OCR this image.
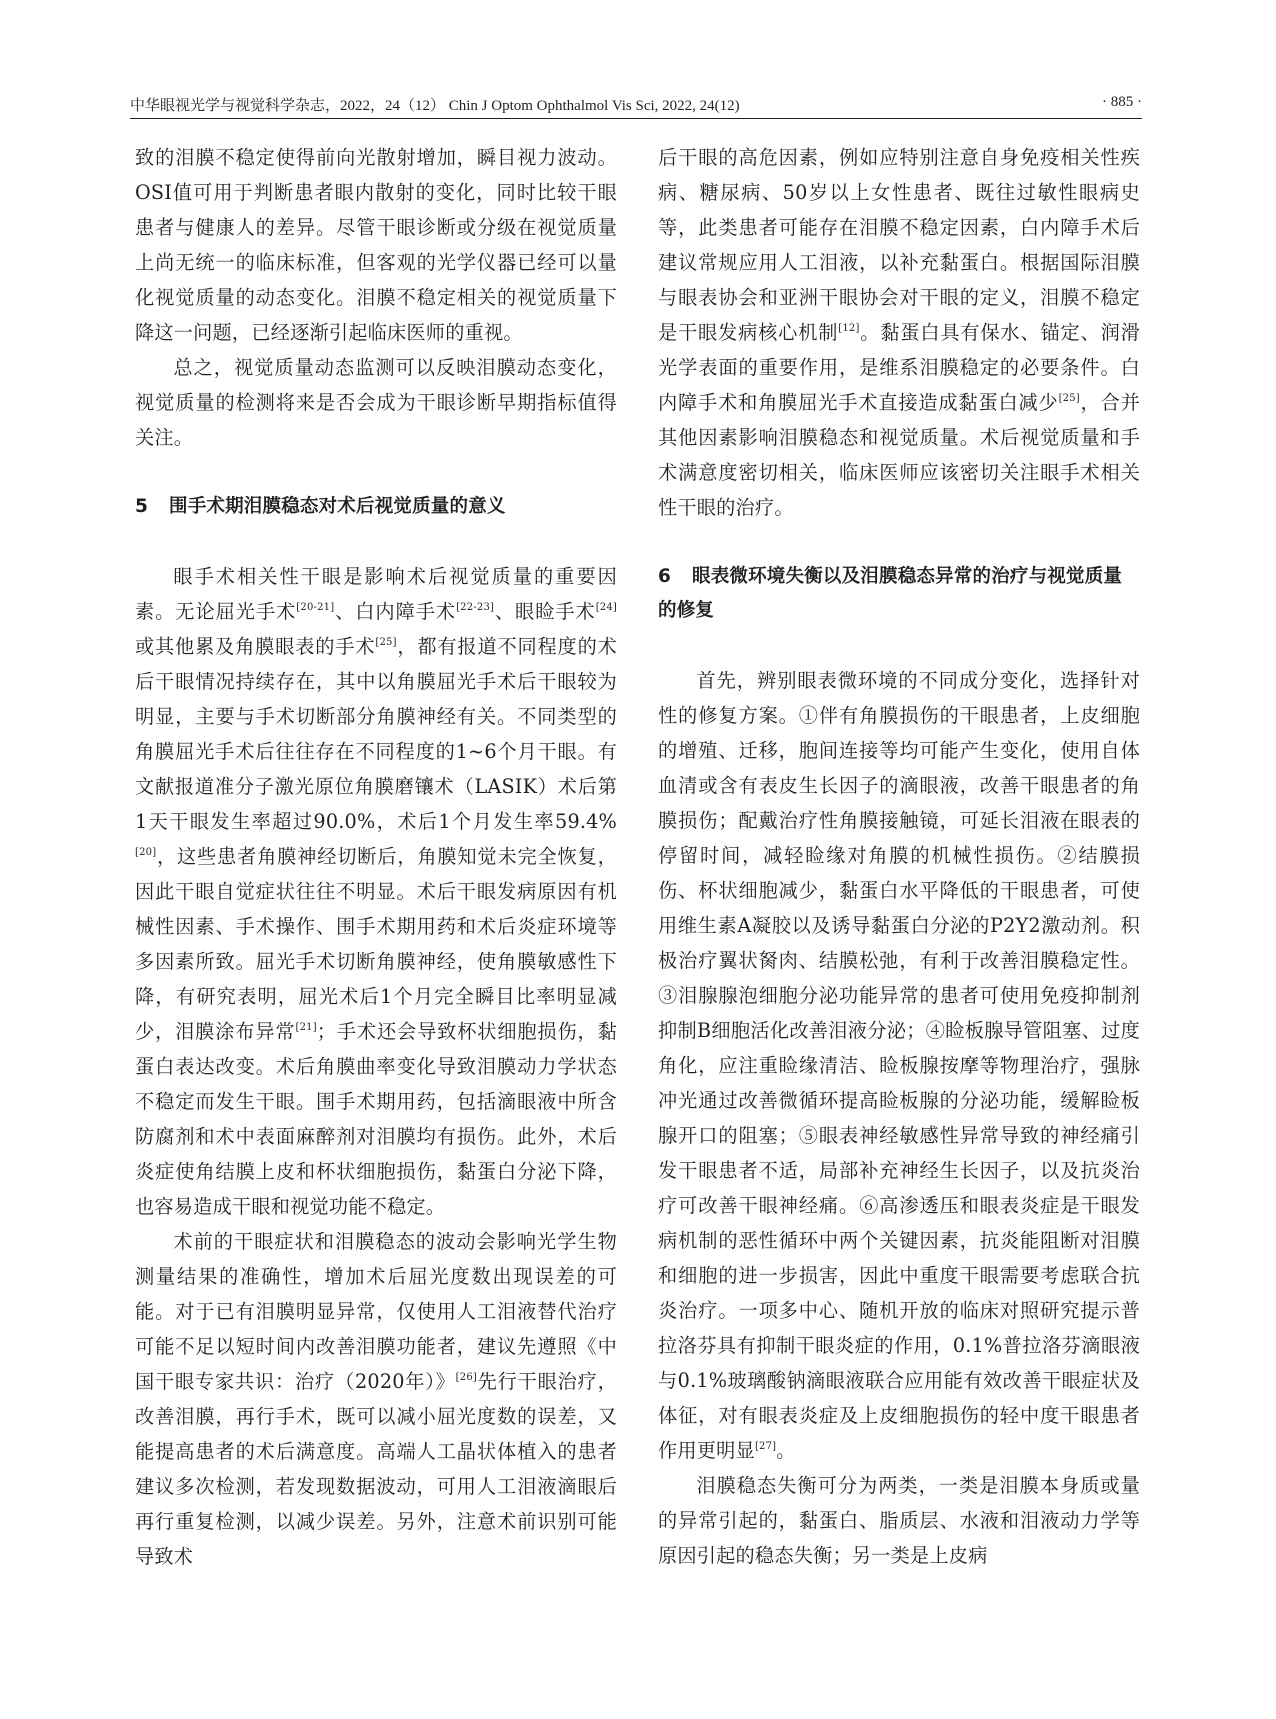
中华眼视光学与视觉科学杂志，2022，24（12） Chin J Optom Ophthalmol Vis Sci, 2022, 24(12)	· 885 ·

致的泪膜不稳定使得前向光散射增加，瞬目视力波动。OSI值可用于判断患者眼内散射的变化，同时比较干眼患者与健康人的差异。尽管干眼诊断或分级在视觉质量上尚无统一的临床标准，但客观的光学仪器已经可以量化视觉质量的动态变化。泪膜不稳定相关的视觉质量下降这一问题，已经逐渐引起临床医师的重视。

总之，视觉质量动态监测可以反映泪膜动态变化，视觉质量的检测将来是否会成为干眼诊断早期指标值得关注。

5 围手术期泪膜稳态对术后视觉质量的意义

眼手术相关性干眼是影响术后视觉质量的重要因素。无论屈光手术[20-21]、白内障手术[22-23]、眼睑手术[24]或其他累及角膜眼表的手术[25]，都有报道不同程度的术后干眼情况持续存在，其中以角膜屈光手术后干眼较为明显，主要与手术切断部分角膜神经有关。不同类型的角膜屈光手术后往往存在不同程度的1~6个月干眼。有文献报道准分子激光原位角膜磨镶术（LASIK）术后第1天干眼发生率超过90.0%，术后1个月发生率59.4%[20]，这些患者角膜神经切断后，角膜知觉未完全恢复，因此干眼自觉症状往往不明显。术后干眼发病原因有机械性因素、手术操作、围手术期用药和术后炎症环境等多因素所致。屈光手术切断角膜神经，使角膜敏感性下降，有研究表明，屈光术后1个月完全瞬目比率明显减少，泪膜涂布异常[21]；手术还会导致杯状细胞损伤，黏蛋白表达改变。术后角膜曲率变化导致泪膜动力学状态不稳定而发生干眼。围手术期用药，包括滴眼液中所含防腐剂和术中表面麻醉剂对泪膜均有损伤。此外，术后炎症使角结膜上皮和杯状细胞损伤，黏蛋白分泌下降，也容易造成干眼和视觉功能不稳定。

术前的干眼症状和泪膜稳态的波动会影响光学生物测量结果的准确性，增加术后屈光度数出现误差的可能。对于已有泪膜明显异常，仅使用人工泪液替代治疗可能不足以短时间内改善泪膜功能者，建议先遵照《中国干眼专家共识：治疗（2020年）》[26]先行干眼治疗，改善泪膜，再行手术，既可以减小屈光度数的误差，又能提高患者的术后满意度。高端人工晶状体植入的患者建议多次检测，若发现数据波动，可用人工泪液滴眼后再行重复检测，以减少误差。另外，注意术前识别可能导致术

后干眼的高危因素，例如应特别注意自身免疫相关性疾病、糖尿病、50岁以上女性患者、既往过敏性眼病史等，此类患者可能存在泪膜不稳定因素，白内障手术后建议常规应用人工泪液，以补充黏蛋白。根据国际泪膜与眼表协会和亚洲干眼协会对干眼的定义，泪膜不稳定是干眼发病核心机制[12]。黏蛋白具有保水、锚定、润滑光学表面的重要作用，是维系泪膜稳定的必要条件。白内障手术和角膜屈光手术直接造成黏蛋白减少[25]，合并其他因素影响泪膜稳态和视觉质量。术后视觉质量和手术满意度密切相关，临床医师应该密切关注眼手术相关性干眼的治疗。

6 眼表微环境失衡以及泪膜稳态异常的治疗与视觉质量的修复

首先，辨别眼表微环境的不同成分变化，选择针对性的修复方案。①伴有角膜损伤的干眼患者，上皮细胞的增殖、迁移，胞间连接等均可能产生变化，使用自体血清或含有表皮生长因子的滴眼液，改善干眼患者的角膜损伤；配戴治疗性角膜接触镜，可延长泪液在眼表的停留时间，减轻睑缘对角膜的机械性损伤。②结膜损伤、杯状细胞减少，黏蛋白水平降低的干眼患者，可使用维生素A凝胶以及诱导黏蛋白分泌的P2Y2激动剂。积极治疗翼状胬肉、结膜松弛，有利于改善泪膜稳定性。③泪腺腺泡细胞分泌功能异常的患者可使用免疫抑制剂抑制B细胞活化改善泪液分泌；④睑板腺导管阻塞、过度角化，应注重睑缘清洁、睑板腺按摩等物理治疗，强脉冲光通过改善微循环提高睑板腺的分泌功能，缓解睑板腺开口的阻塞；⑤眼表神经敏感性异常导致的神经痛引发干眼患者不适，局部补充神经生长因子，以及抗炎治疗可改善干眼神经痛。⑥高渗透压和眼表炎症是干眼发病机制的恶性循环中两个关键因素，抗炎能阻断对泪膜和细胞的进一步损害，因此中重度干眼需要考虑联合抗炎治疗。一项多中心、随机开放的临床对照研究提示普拉洛芬具有抑制干眼炎症的作用，0.1%普拉洛芬滴眼液与0.1%玻璃酸钠滴眼液联合应用能有效改善干眼症状及体征，对有眼表炎症及上皮细胞损伤的轻中度干眼患者作用更明显[27]。

泪膜稳态失衡可分为两类，一类是泪膜本身质或量的异常引起的，黏蛋白、脂质层、水液和泪液动力学等原因引起的稳态失衡；另一类是上皮病
